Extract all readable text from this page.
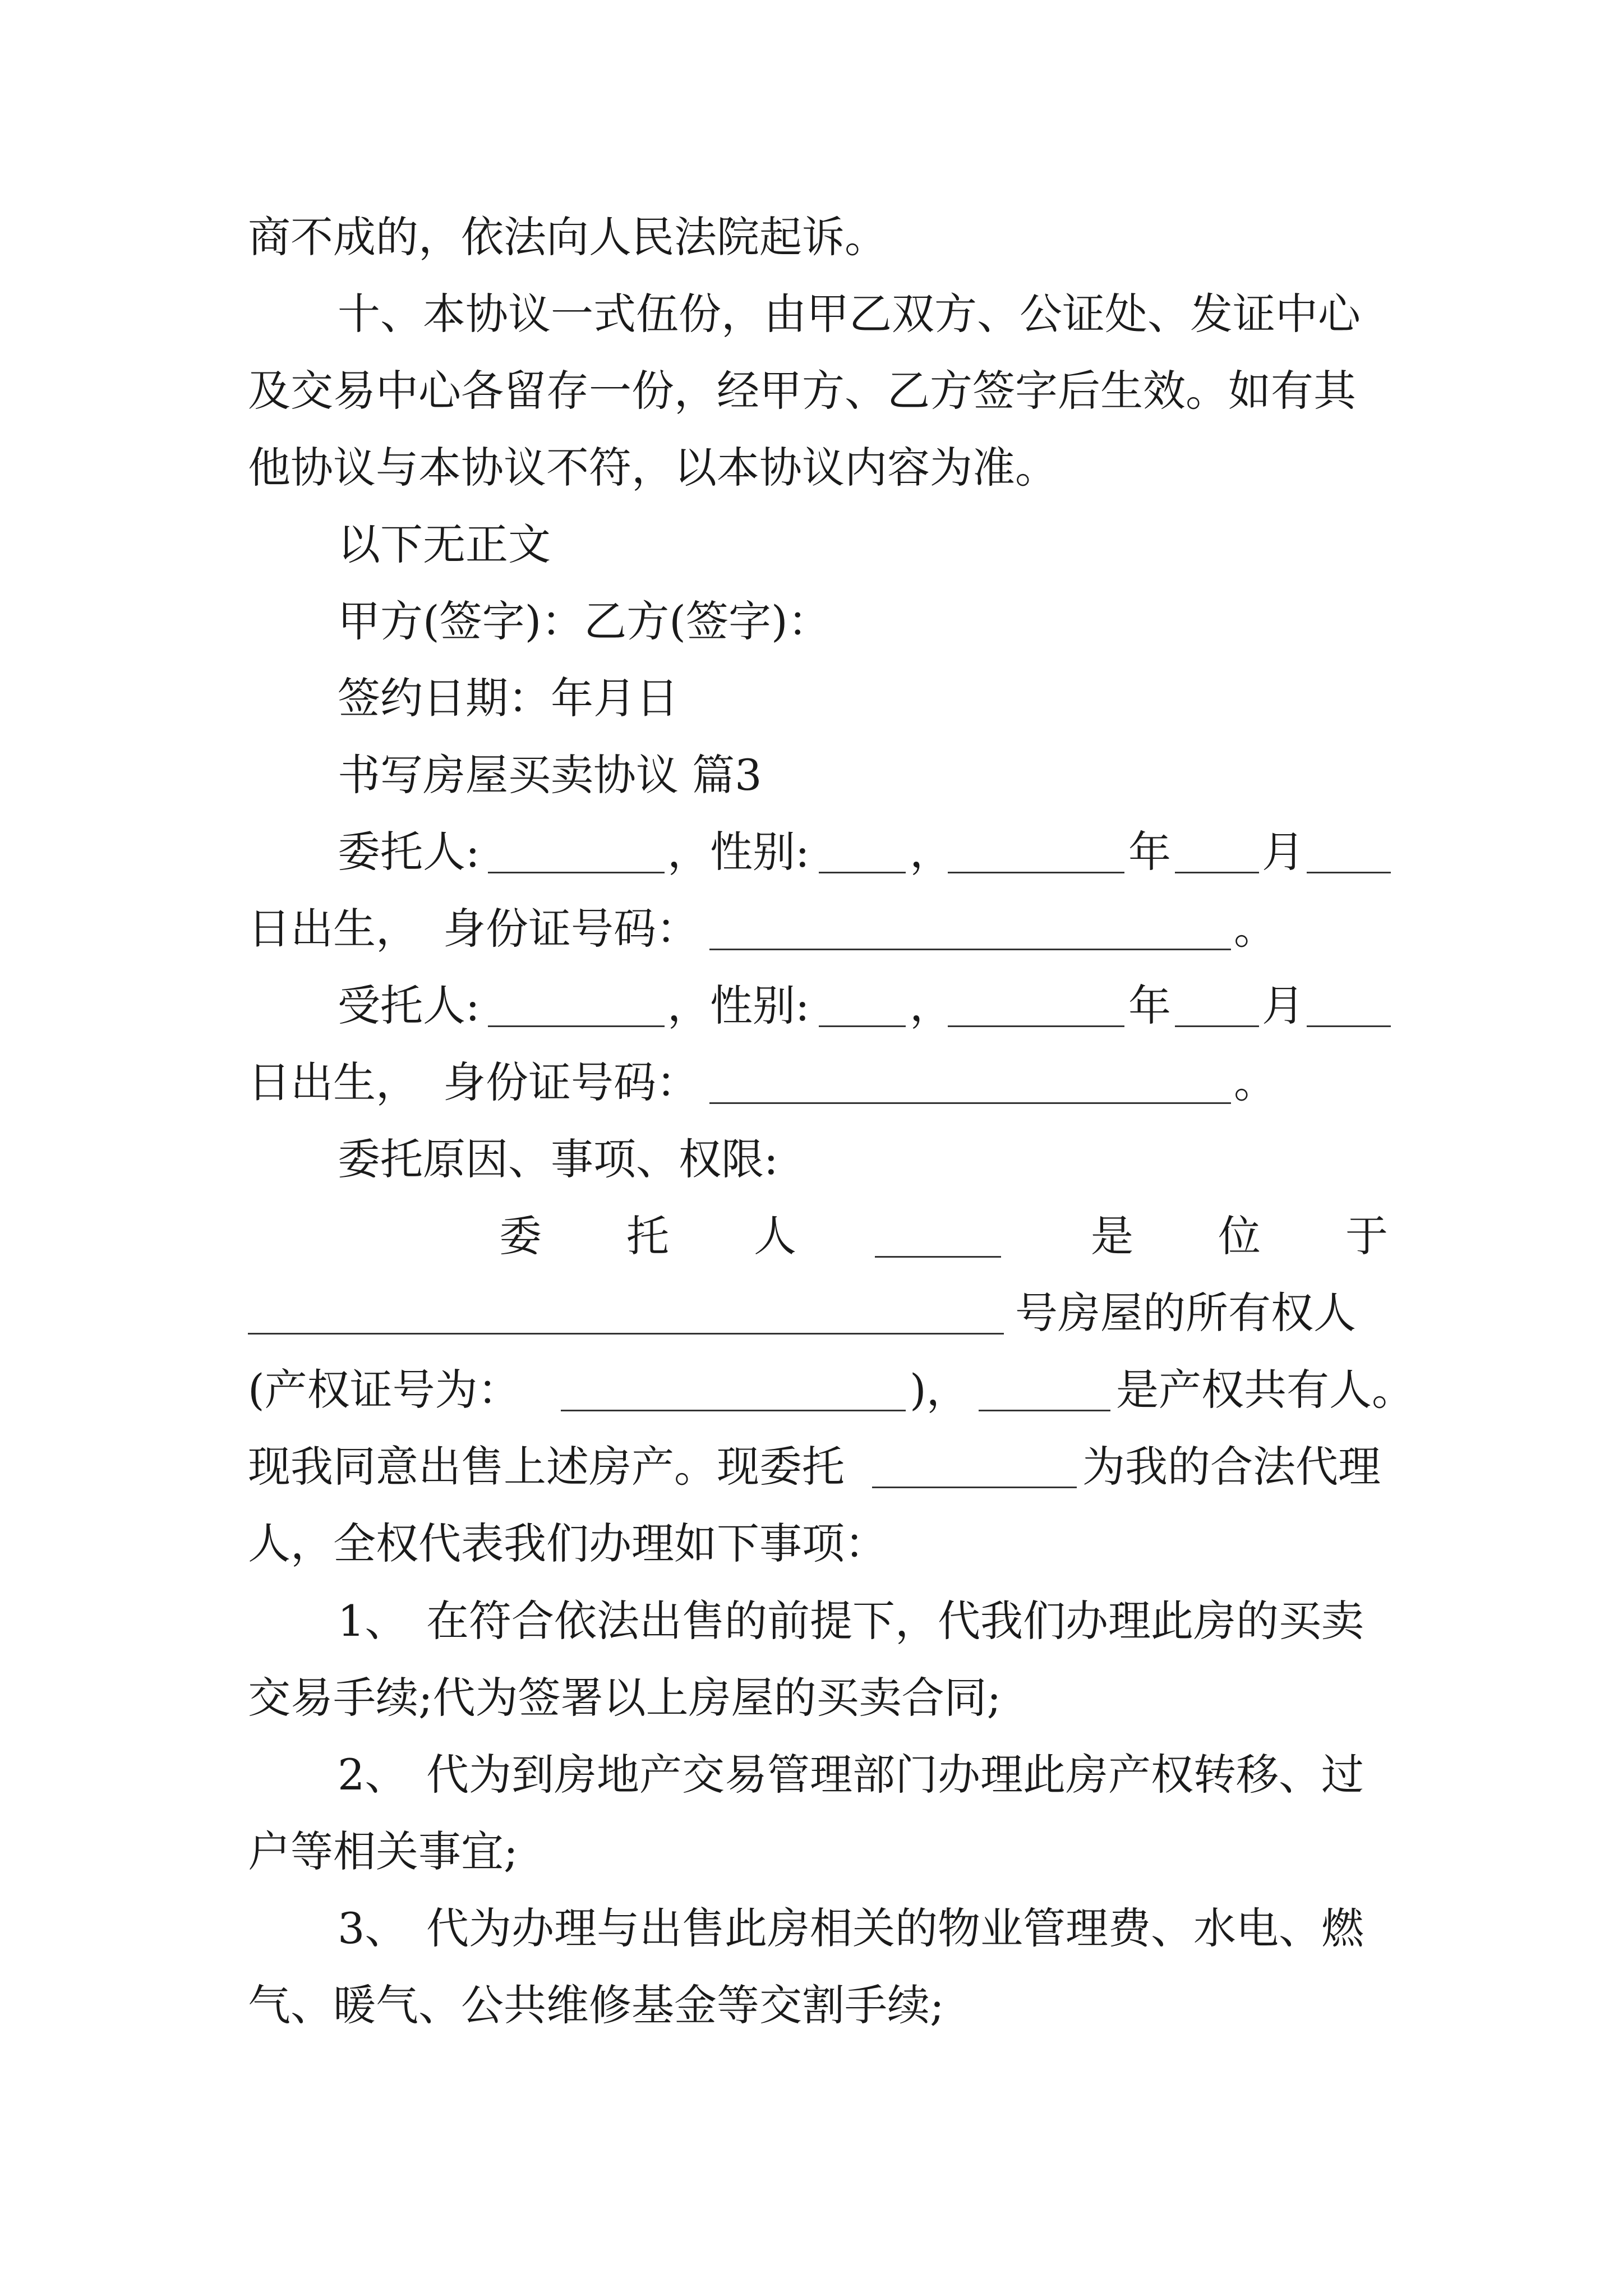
商不成的，依法向人民法院起诉。
十、本协议一式伍份，由甲乙双方、公证处、发证中心
及交易中心各留存一份，经甲方、乙方签字后生效。如有其
他协议与本协议不符，以本协议内容为准。
以下无正文
甲方(签字)：乙方(签字)：
签约日期：年月日
书写房屋买卖协议 篇3
委托人:	，性别: ，	年 月
日出生， 身份证号码：	。
受托人:	，性别: ，	年 月
日出生， 身份证号码：	。
委托原因、事项、权限:
委 托 人	是 位 于
号房屋的所有权人
(产权证号为：	)，	是产权共有人。
现我同意出售上述房产。现委托	为我的合法代理
人，全权代表我们办理如下事项：
1、 在符合依法出售的前提下，代我们办理此房的买卖
交易手续;代为签署以上房屋的买卖合同;
2、 代为到房地产交易管理部门办理此房产权转移、过
户等相关事宜;
3、 代为办理与出售此房相关的物业管理费、水电、燃
气、暖气、公共维修基金等交割手续;
